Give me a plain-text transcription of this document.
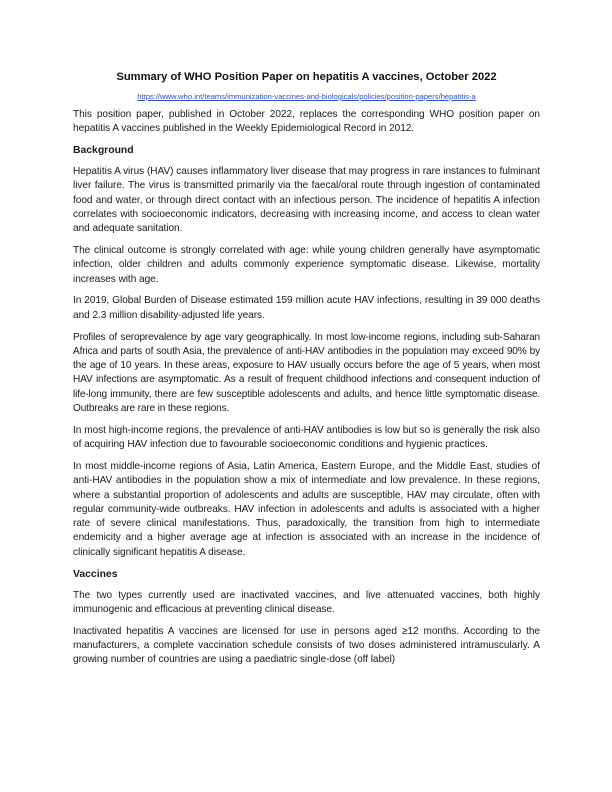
Summary of WHO Position Paper on hepatitis A vaccines, October 2022
https://www.who.int/teams/immunization-vaccines-and-biologicals/policies/position-papers/hepatitis-a

This position paper, published in October 2022, replaces the corresponding WHO position paper on hepatitis A vaccines published in the Weekly Epidemiological Record in 2012.

Background

Hepatitis A virus (HAV) causes inflammatory liver disease that may progress in rare instances to fulminant liver failure. The virus is transmitted primarily via the faecal/oral route through ingestion of contaminated food and water, or through direct contact with an infectious person. The incidence of hepatitis A infection correlates with socioeconomic indicators, decreasing with increasing income, and access to clean water and adequate sanitation.

The clinical outcome is strongly correlated with age: while young children generally have asymptomatic infection, older children and adults commonly experience symptomatic disease. Likewise, mortality increases with age.

In 2019, Global Burden of Disease estimated 159 million acute HAV infections, resulting in 39 000 deaths and 2.3 million disability-adjusted life years.

Profiles of seroprevalence by age vary geographically. In most low-income regions, including sub-Saharan Africa and parts of south Asia, the prevalence of anti-HAV antibodies in the population may exceed 90% by the age of 10 years. In these areas, exposure to HAV usually occurs before the age of 5 years, when most HAV infections are asymptomatic. As a result of frequent childhood infections and consequent induction of life-long immunity, there are few susceptible adolescents and adults, and hence little symptomatic disease. Outbreaks are rare in these regions.

In most high-income regions, the prevalence of anti-HAV antibodies is low but so is generally the risk also of acquiring HAV infection due to favourable socioeconomic conditions and hygienic practices.

In most middle-income regions of Asia, Latin America, Eastern Europe, and the Middle East, studies of anti-HAV antibodies in the population show a mix of intermediate and low prevalence. In these regions, where a substantial proportion of adolescents and adults are susceptible, HAV may circulate, often with regular community-wide outbreaks. HAV infection in adolescents and adults is associated with a higher rate of severe clinical manifestations. Thus, paradoxically, the transition from high to intermediate endemicity and a higher average age at infection is associated with an increase in the incidence of clinically significant hepatitis A disease.

Vaccines

The two types currently used are inactivated vaccines, and live attenuated vaccines, both highly immunogenic and efficacious at preventing clinical disease.

Inactivated hepatitis A vaccines are licensed for use in persons aged ≥12 months. According to the manufacturers, a complete vaccination schedule consists of two doses administered intramuscularly. A growing number of countries are using a paediatric single-dose (off label)
